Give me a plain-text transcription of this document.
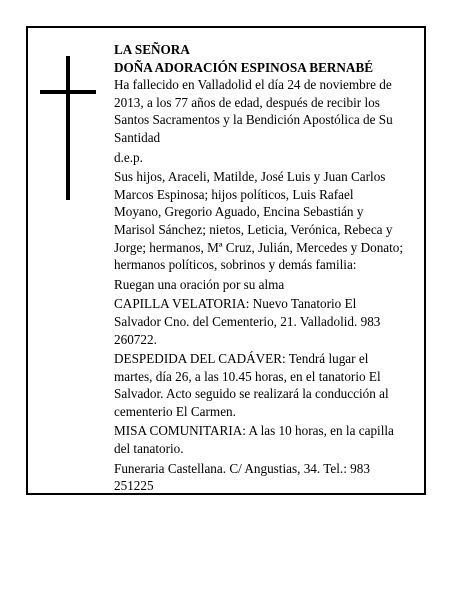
LA SEÑORA
DOÑA ADORACIÓN ESPINOSA BERNABÉ
Ha fallecido en Valladolid el día 24 de noviembre de 2013, a los 77 años de edad, después de recibir los Santos Sacramentos y la Bendición Apostólica de Su Santidad
d.e.p.
Sus hijos, Araceli, Matilde, José Luis y Juan Carlos Marcos Espinosa; hijos políticos, Luis Rafael Moyano, Gregorio Aguado, Encina Sebastián y Marisol Sánchez; nietos, Leticia, Verónica, Rebeca y Jorge; hermanos, Mª Cruz, Julián, Mercedes y Donato; hermanos políticos, sobrinos y demás familia:
Ruegan una oración por su alma
CAPILLA VELATORIA: Nuevo Tanatorio El Salvador Cno. del Cementerio, 21. Valladolid. 983 260722.
DESPEDIDA DEL CADÁVER: Tendrá lugar el martes, día 26, a las 10.45 horas, en el tanatorio El Salvador. Acto seguido se realizará la conducción al cementerio El Carmen.
MISA COMUNITARIA: A las 10 horas, en la capilla del tanatorio.
Funeraria Castellana. C/ Angustias, 34. Tel.: 983 251225
